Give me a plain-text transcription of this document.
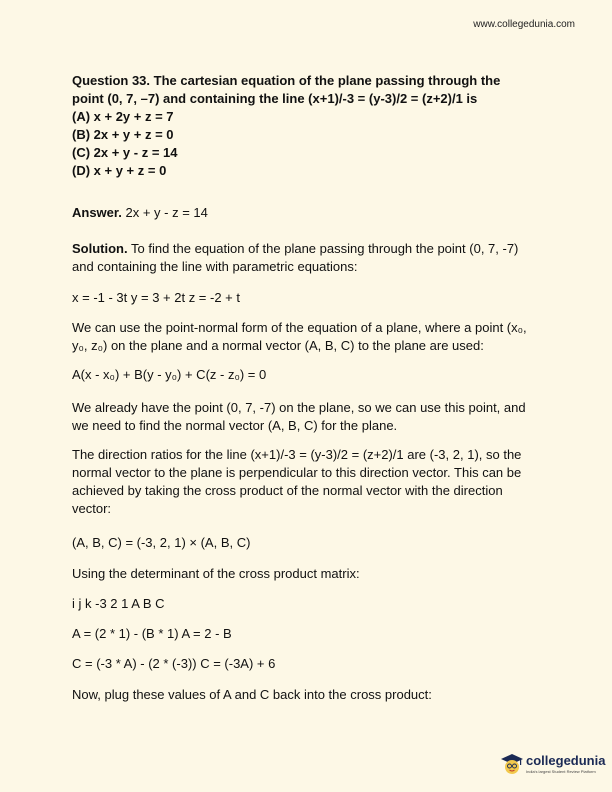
www.collegedunia.com
Question 33. The cartesian equation of the plane passing through the
point (0, 7, –7) and containing the line (x+1)/-3 = (y-3)/2 = (z+2)/1 is
(A) x + 2y + z = 7
(B) 2x + y + z = 0
(C) 2x + y - z = 14
(D) x + y + z = 0

Answer. 2x + y - z = 14

Solution. To find the equation of the plane passing through the point (0, 7, -7) and containing the line with parametric equations:

x = -1 - 3t y = 3 + 2t z = -2 + t

We can use the point-normal form of the equation of a plane, where a point (x₀, y₀, z₀) on the plane and a normal vector (A, B, C) to the plane are used:

A(x - x₀) + B(y - y₀) + C(z - z₀) = 0

We already have the point (0, 7, -7) on the plane, so we can use this point, and we need to find the normal vector (A, B, C) for the plane.

The direction ratios for the line (x+1)/-3 = (y-3)/2 = (z+2)/1 are (-3, 2, 1), so the normal vector to the plane is perpendicular to this direction vector. This can be achieved by taking the cross product of the normal vector with the direction vector:

(A, B, C) = (-3, 2, 1) × (A, B, C)

Using the determinant of the cross product matrix:

i j k -3 2 1 A B C

A = (2 * 1) - (B * 1) A = 2 - B

C = (-3 * A) - (2 * (-3)) C = (-3A) + 6

Now, plug these values of A and C back into the cross product:

collegedunia
India's largest Student Review Platform
